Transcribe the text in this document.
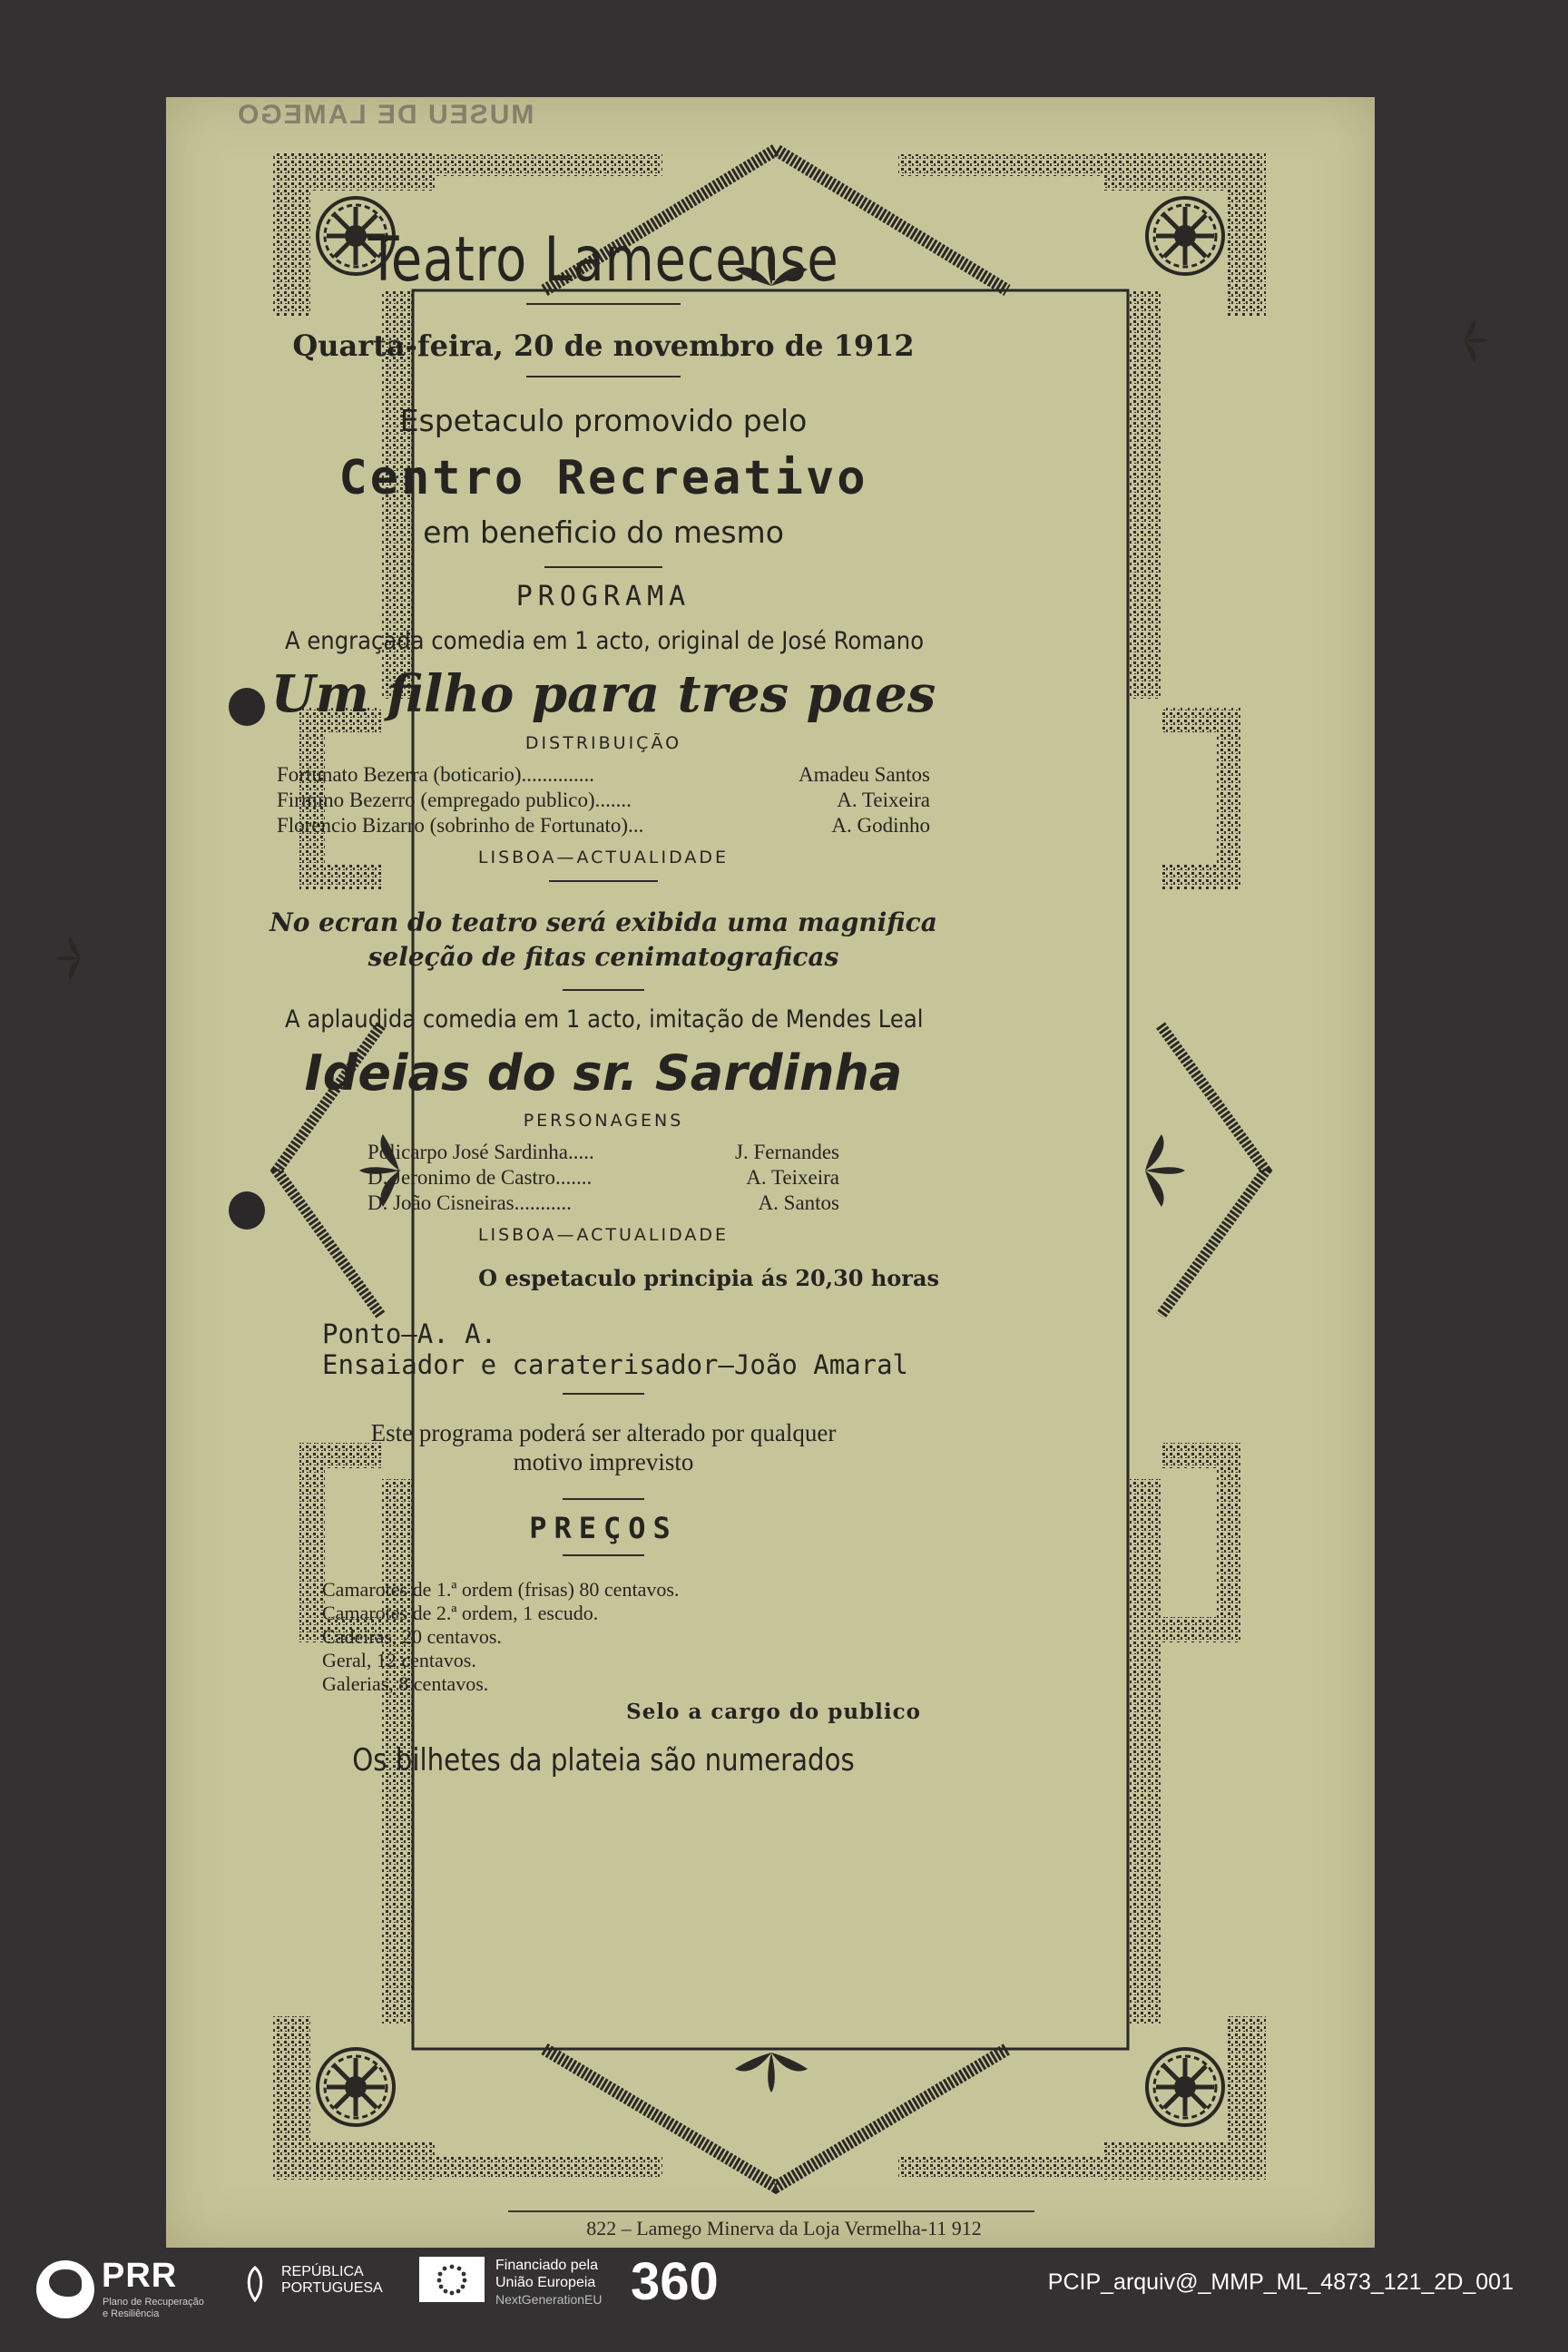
MUSEU DE LAMEGO
Teatro Lamecense
Quarta-feira, 20 de novembro de 1912
Espetaculo promovido pelo
Centro Recreativo
em beneficio do mesmo
PROGRAMA
A engraçada comedia em 1 acto, original de José Romano
Um filho para tres paes
DISTRIBUIÇÃO
Fortunato Bezerra (boticario)..............	Amadeu Santos
Firmino Bezerro (empregado publico).......	A. Teixeira
Florencio Bizarro (sobrinho de Fortunato)...	A. Godinho
LISBOA—ACTUALIDADE
No ecran do teatro será exibida uma magnifica
seleção de fitas cenimatograficas
A aplaudida comedia em 1 acto, imitação de Mendes Leal
Ideias do sr. Sardinha
PERSONAGENS
Policarpo José Sardinha.....	J. Fernandes
D. Jeronimo de Castro.......	A. Teixeira
D. João Cisneiras...........	A. Santos
LISBOA—ACTUALIDADE
O espetaculo principia ás 20,30 horas
Ponto—A. A.
Ensaiador e caraterisador—João Amaral
Este programa poderá ser alterado por qualquer
motivo imprevisto
PREÇOS
Camarotes de 1.ª ordem (frisas) 80 centavos.
Camarotes de 2.ª ordem, 1 escudo.
Cadeiras, 20 centavos.
Geral, 12 centavos.
Galerias, 8 centavos.
Selo a cargo do publico
Os bilhetes da plateia são numerados
822 – Lamego Minerva da Loja Vermelha-11 912
PRR
Plano de Recuperação
e Resiliência
REPÚBLICA
PORTUGUESA
Financiado pela
União Europeia
NextGenerationEU 360	PCIP_arquiv@_MMP_ML_4873_121_2D_001
